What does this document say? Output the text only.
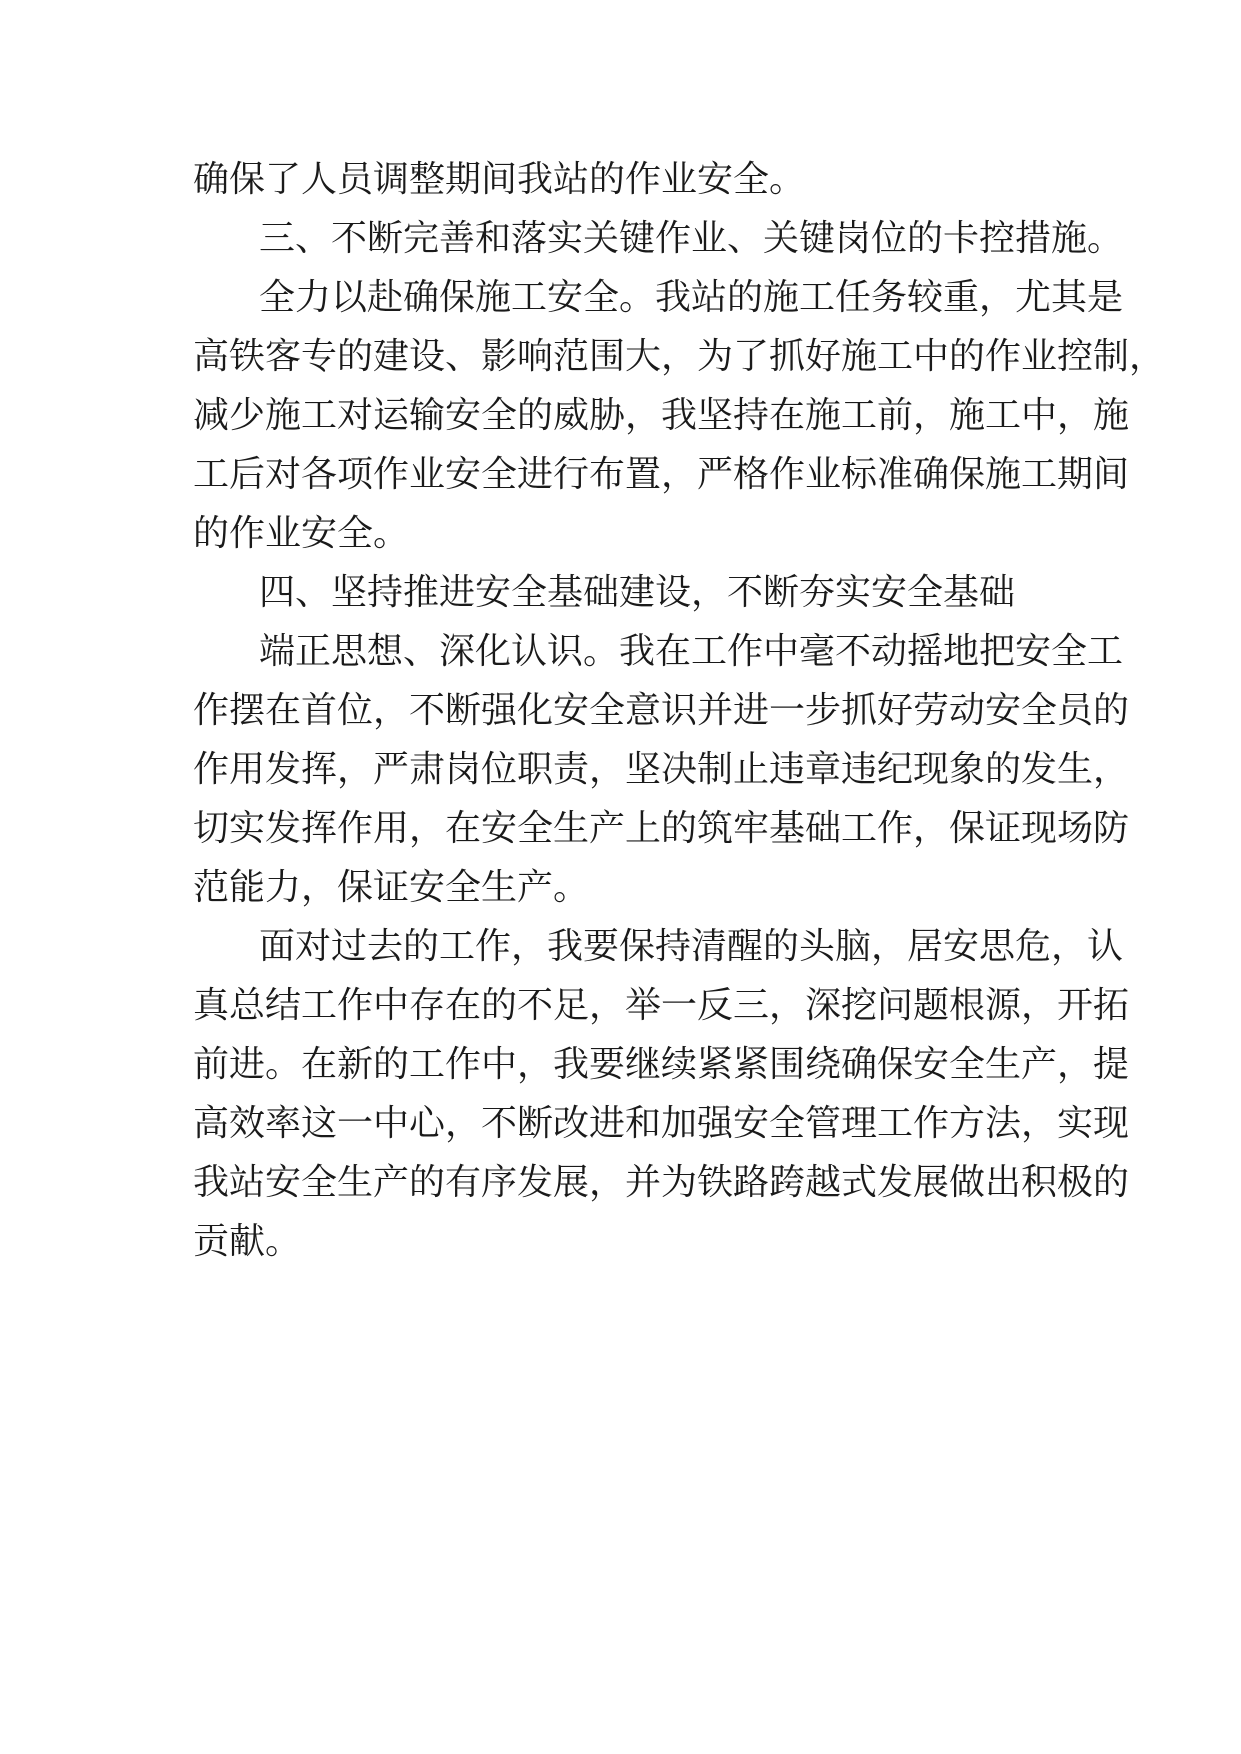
确保了人员调整期间我站的作业安全。
三、不断完善和落实关键作业、关键岗位的卡控措施。
全力以赴确保施工安全。我站的施工任务较重，尤其是
高铁客专的建设、影响范围大，为了抓好施工中的作业控制，
减少施工对运输安全的威胁，我坚持在施工前，施工中，施
工后对各项作业安全进行布置，严格作业标准确保施工期间
的作业安全。
四、坚持推进安全基础建设，不断夯实安全基础
端正思想、深化认识。我在工作中毫不动摇地把安全工
作摆在首位，不断强化安全意识并进一步抓好劳动安全员的
作用发挥，严肃岗位职责，坚决制止违章违纪现象的发生，
切实发挥作用，在安全生产上的筑牢基础工作，保证现场防
范能力，保证安全生产。
面对过去的工作，我要保持清醒的头脑，居安思危，认
真总结工作中存在的不足，举一反三，深挖问题根源，开拓
前进。在新的工作中，我要继续紧紧围绕确保安全生产，提
高效率这一中心，不断改进和加强安全管理工作方法，实现
我站安全生产的有序发展，并为铁路跨越式发展做出积极的
贡献。
